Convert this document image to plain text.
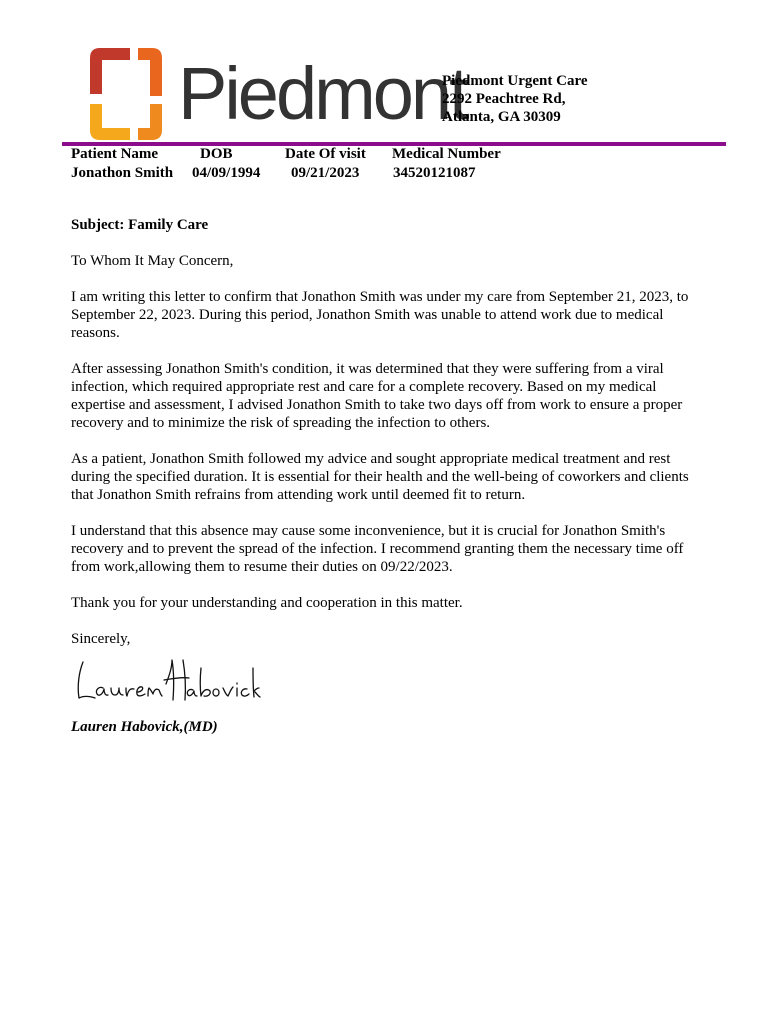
Piedmont
Piedmont Urgent Care
2292 Peachtree Rd,
Atlanta, GA 30309
Patient Name	DOB	Date Of visit Medical Number
Jonathon Smith 04/09/1994 09/21/2023 34520121087

Subject: Family Care

To Whom It May Concern,

I am writing this letter to confirm that Jonathon Smith was under my care from September 21, 2023, to September 22, 2023. During this period, Jonathon Smith was unable to attend work due to medical reasons.

After assessing Jonathon Smith's condition, it was determined that they were suffering from a viral infection, which required appropriate rest and care for a complete recovery. Based on my medical expertise and assessment, I advised Jonathon Smith to take two days off from work to ensure a proper recovery and to minimize the risk of spreading the infection to others.

As a patient, Jonathon Smith followed my advice and sought appropriate medical treatment and rest during the specified duration. It is essential for their health and the well-being of coworkers and clients that Jonathon Smith refrains from attending work until deemed fit to return.

I understand that this absence may cause some inconvenience, but it is crucial for Jonathon Smith's recovery and to prevent the spread of the infection. I recommend granting them the necessary time off from work,allowing them to resume their duties on 09/22/2023.

Thank you for your understanding and cooperation in this matter.

Sincerely,

Lauren Habovick,(MD)
